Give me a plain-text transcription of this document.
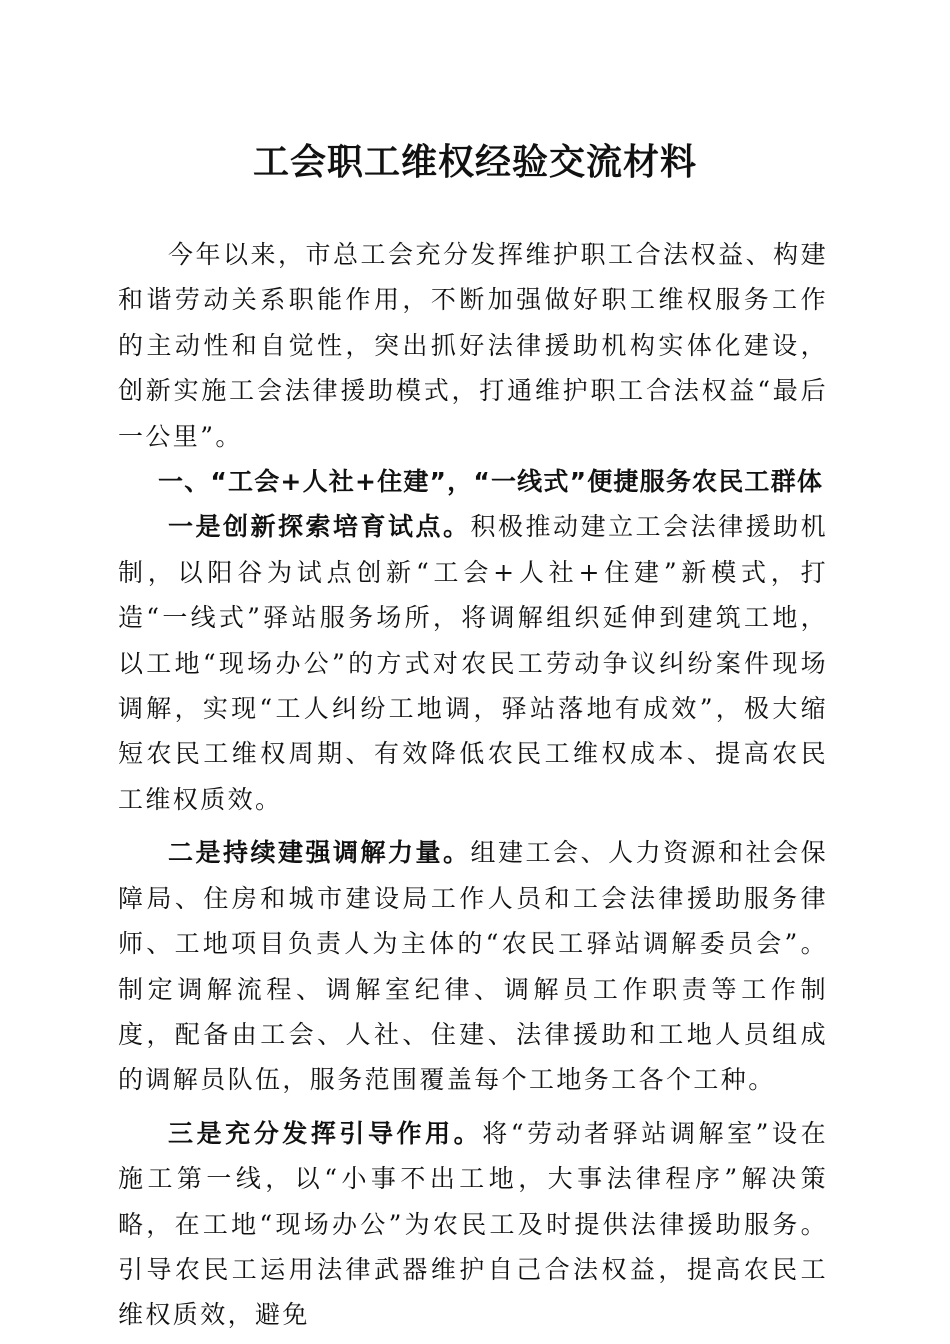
工会职工维权经验交流材料

今年以来，市总工会充分发挥维护职工合法权益、构建和谐劳动关系职能作用，不断加强做好职工维权服务工作的主动性和自觉性，突出抓好法律援助机构实体化建设，创新实施工会法律援助模式，打通维护职工合法权益“最后一公里”。

一、“工会+人社+住建”，“一线式”便捷服务农民工群体

一是创新探索培育试点。积极推动建立工会法律援助机制，以阳谷为试点创新“工会+人社+住建”新模式，打造“一线式”驿站服务场所，将调解组织延伸到建筑工地，以工地“现场办公”的方式对农民工劳动争议纠纷案件现场调解，实现“工人纠纷工地调，驿站落地有成效”，极大缩短农民工维权周期、有效降低农民工维权成本、提高农民工维权质效。

二是持续建强调解力量。组建工会、人力资源和社会保障局、住房和城市建设局工作人员和工会法律援助服务律师、工地项目负责人为主体的“农民工驿站调解委员会”。制定调解流程、调解室纪律、调解员工作职责等工作制度，配备由工会、人社、住建、法律援助和工地人员组成的调解员队伍，服务范围覆盖每个工地务工各个工种。

三是充分发挥引导作用。将“劳动者驿站调解室”设在施工第一线，以“小事不出工地，大事法律程序”解决策略，在工地“现场办公”为农民工及时提供法律援助服务。引导农民工运用法律武器维护自己合法权益，提高农民工维权质效，避免
